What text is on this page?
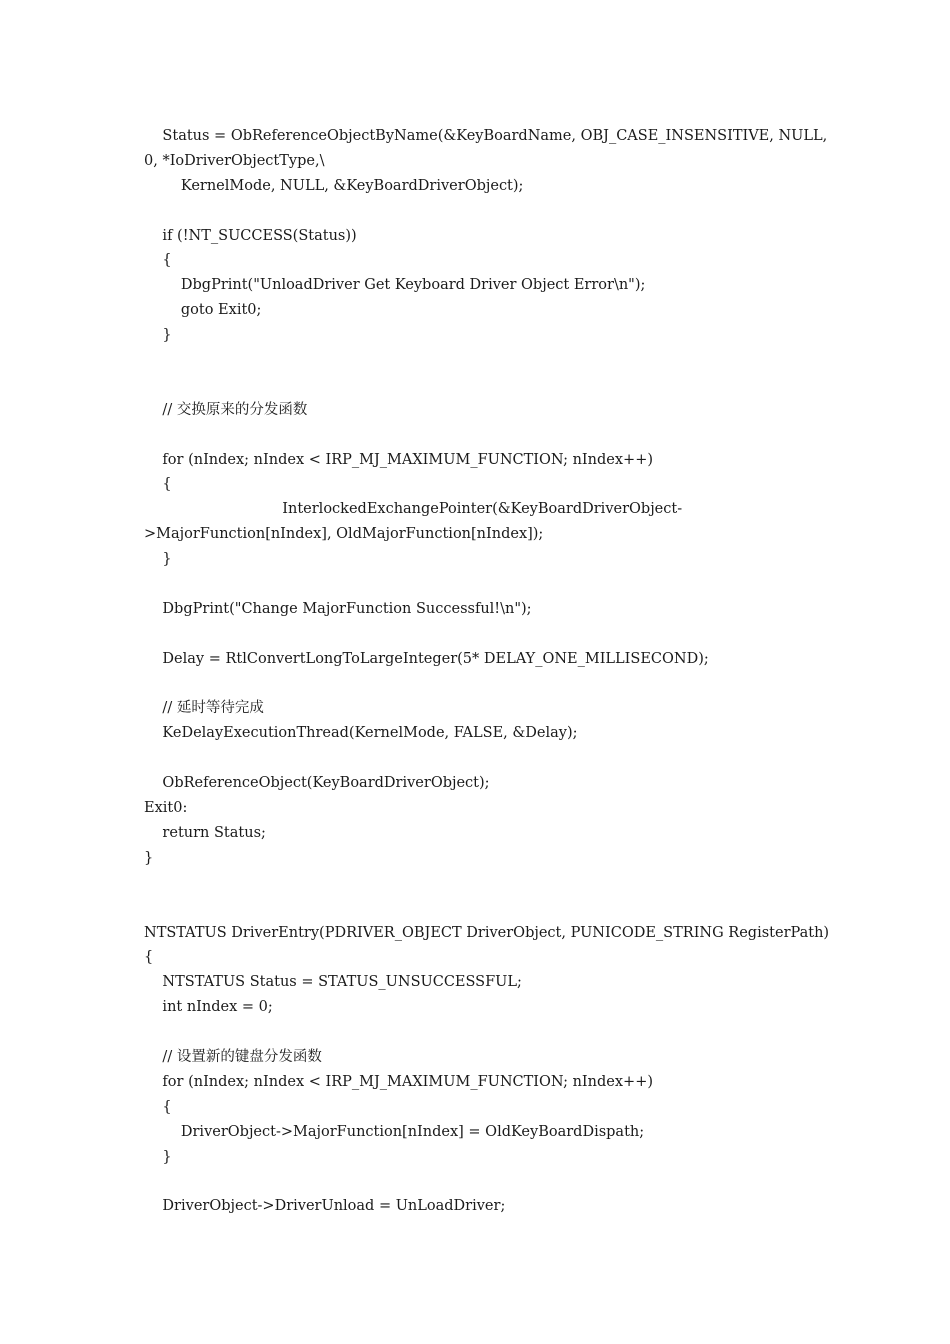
Status = ObReferenceObjectByName(&KeyBoardName, OBJ_CASE_INSENSITIVE, NULL,
0, *IoDriverObjectType,\
KernelMode, NULL, &KeyBoardDriverObject);
if (!NT_SUCCESS(Status))
{
DbgPrint("UnloadDriver Get Keyboard Driver Object Error\n");
goto Exit0;
}
// 交换原来的分发函数
for (nIndex; nIndex < IRP_MJ_MAXIMUM_FUNCTION; nIndex++)
{
InterlockedExchangePointer(&KeyBoardDriverObject-
>MajorFunction[nIndex], OldMajorFunction[nIndex]);
}
DbgPrint("Change MajorFunction Successful!\n");
Delay = RtlConvertLongToLargeInteger(5* DELAY_ONE_MILLISECOND);
// 延时等待完成
KeDelayExecutionThread(KernelMode, FALSE, &Delay);
ObReferenceObject(KeyBoardDriverObject);
Exit0:
return Status;
}
NTSTATUS DriverEntry(PDRIVER_OBJECT DriverObject, PUNICODE_STRING RegisterPath)
{
NTSTATUS Status = STATUS_UNSUCCESSFUL;
int nIndex = 0;
// 设置新的键盘分发函数
for (nIndex; nIndex < IRP_MJ_MAXIMUM_FUNCTION; nIndex++)
{
DriverObject->MajorFunction[nIndex] = OldKeyBoardDispath;
}
DriverObject->DriverUnload = UnLoadDriver;
